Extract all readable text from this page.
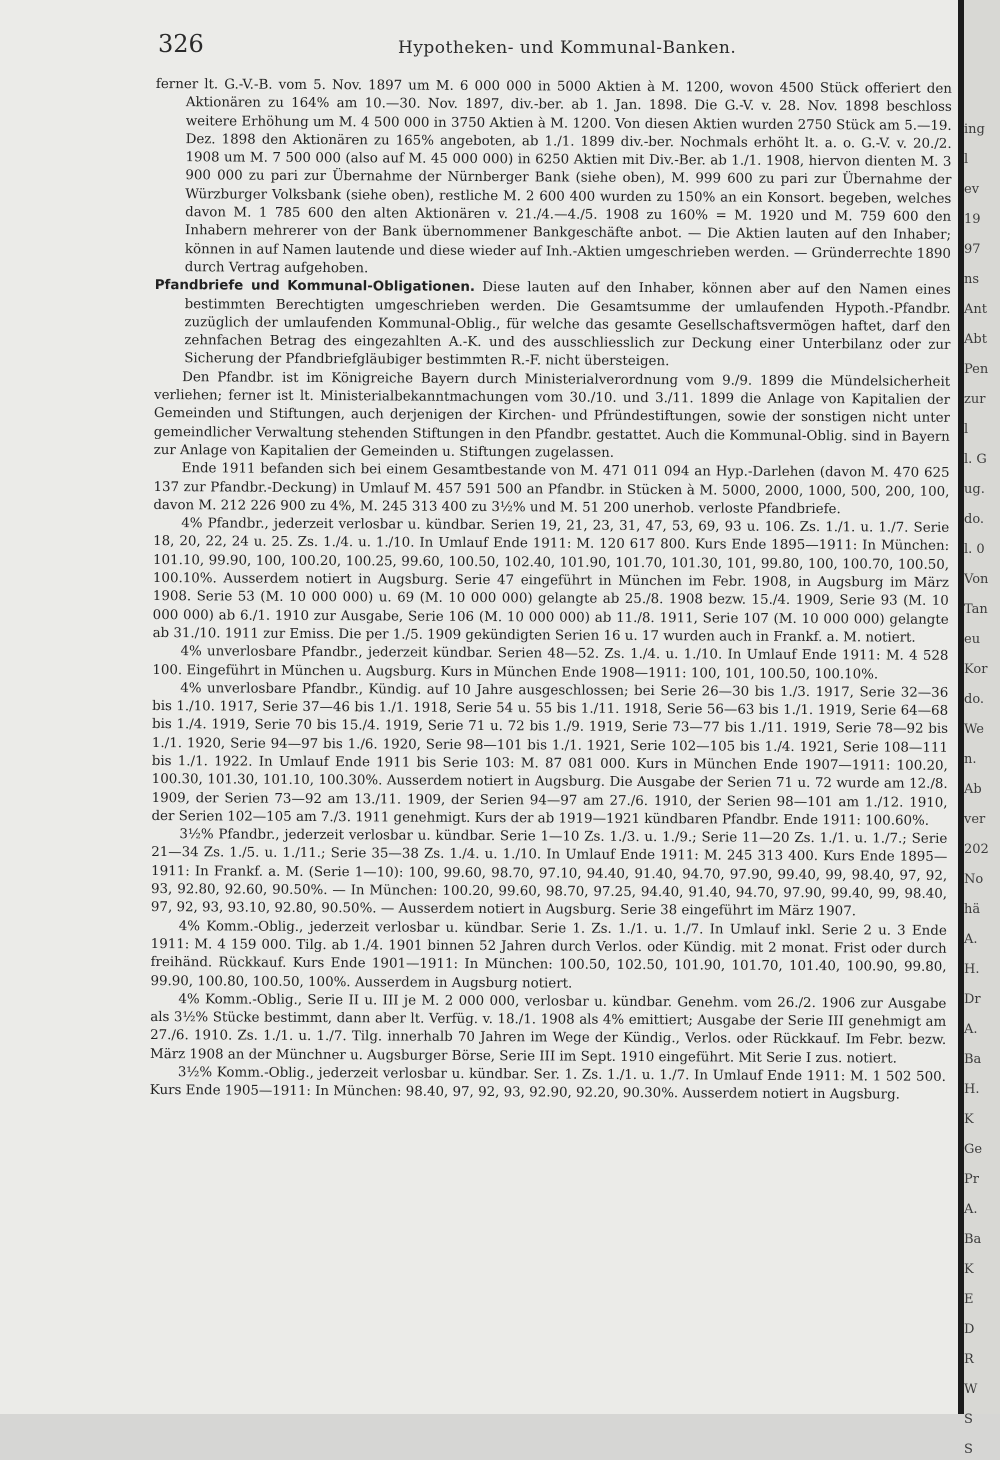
326	Hypotheken- und Kommunal-Banken.

ferner lt. G.-V.-B. vom 5. Nov. 1897 um M. 6 000 000 in 5000 Aktien à M. 1200, wovon 4500 Stück offeriert den Aktionären zu 164% am 10.—30. Nov. 1897, div.-ber. ab 1. Jan. 1898. Die G.-V. v. 28. Nov. 1898 beschloss weitere Erhöhung um M. 4 500 000 in 3750 Aktien à M. 1200. Von diesen Aktien wurden 2750 Stück am 5.—19. Dez. 1898 den Aktionären zu 165% angeboten, ab 1./1. 1899 div.-ber. Nochmals erhöht lt. a. o. G.-V. v. 20./2. 1908 um M. 7 500 000 (also auf M. 45 000 000) in 6250 Aktien mit Div.-Ber. ab 1./1. 1908, hiervon dienten M. 3 900 000 zu pari zur Übernahme der Nürnberger Bank (siehe oben), M. 999 600 zu pari zur Übernahme der Würzburger Volksbank (siehe oben), restliche M. 2 600 400 wurden zu 150% an ein Konsort. begeben, welches davon M. 1 785 600 den alten Aktionären v. 21./4.—4./5. 1908 zu 160% = M. 1920 und M. 759 600 den Inhabern mehrerer von der Bank übernommener Bankgeschäfte anbot. — Die Aktien lauten auf den Inhaber; können in auf Namen lautende und diese wieder auf Inh.-Aktien umgeschrieben werden. — Gründerrechte 1890 durch Vertrag aufgehoben.

Pfandbriefe und Kommunal-Obligationen. Diese lauten auf den Inhaber, können aber auf den Namen eines bestimmten Berechtigten umgeschrieben werden. Die Gesamtsumme der umlaufenden Hypoth.-Pfandbr. zuzüglich der umlaufenden Kommunal-Oblig., für welche das gesamte Gesellschaftsvermögen haftet, darf den zehnfachen Betrag des eingezahlten A.-K. und des ausschliesslich zur Deckung einer Unterbilanz oder zur Sicherung der Pfandbriefgläubiger bestimmten R.-F. nicht übersteigen.

Den Pfandbr. ist im Königreiche Bayern durch Ministerialverordnung vom 9./9. 1899 die Mündelsicherheit verliehen; ferner ist lt. Ministerialbekanntmachungen vom 30./10. und 3./11. 1899 die Anlage von Kapitalien der Gemeinden und Stiftungen, auch derjenigen der Kirchen- und Pfründestiftungen, sowie der sonstigen nicht unter gemeindlicher Verwaltung stehenden Stiftungen in den Pfandbr. gestattet. Auch die Kommunal-Oblig. sind in Bayern zur Anlage von Kapitalien der Gemeinden u. Stiftungen zugelassen.

Ende 1911 befanden sich bei einem Gesamtbestande von M. 471 011 094 an Hyp.-Darlehen (davon M. 470 625 137 zur Pfandbr.-Deckung) in Umlauf M. 457 591 500 an Pfandbr. in Stücken à M. 5000, 2000, 1000, 500, 200, 100, davon M. 212 226 900 zu 4%, M. 245 313 400 zu 3½% und M. 51 200 unerhob. verloste Pfandbriefe.

4% Pfandbr., jederzeit verlosbar u. kündbar. Serien 19, 21, 23, 31, 47, 53, 69, 93 u. 106. Zs. 1./1. u. 1./7. Serie 18, 20, 22, 24 u. 25. Zs. 1./4. u. 1./10. In Umlauf Ende 1911: M. 120 617 800. Kurs Ende 1895—1911: In München: 101.10, 99.90, 100, 100.20, 100.25, 99.60, 100.50, 102.40, 101.90, 101.70, 101.30, 101, 99.80, 100, 100.70, 100.50, 100.10%. Ausserdem notiert in Augsburg. Serie 47 eingeführt in München im Febr. 1908, in Augsburg im März 1908. Serie 53 (M. 10 000 000) u. 69 (M. 10 000 000) gelangte ab 25./8. 1908 bezw. 15./4. 1909, Serie 93 (M. 10 000 000) ab 6./1. 1910 zur Ausgabe, Serie 106 (M. 10 000 000) ab 11./8. 1911, Serie 107 (M. 10 000 000) gelangte ab 31./10. 1911 zur Emiss. Die per 1./5. 1909 gekündigten Serien 16 u. 17 wurden auch in Frankf. a. M. notiert.

4% unverlosbare Pfandbr., jederzeit kündbar. Serien 48—52. Zs. 1./4. u. 1./10. In Umlauf Ende 1911: M. 4 528 100. Eingeführt in München u. Augsburg. Kurs in München Ende 1908—1911: 100, 101, 100.50, 100.10%.

4% unverlosbare Pfandbr., Kündig. auf 10 Jahre ausgeschlossen; bei Serie 26—30 bis 1./3. 1917, Serie 32—36 bis 1./10. 1917, Serie 37—46 bis 1./1. 1918, Serie 54 u. 55 bis 1./11. 1918, Serie 56—63 bis 1./1. 1919, Serie 64—68 bis 1./4. 1919, Serie 70 bis 15./4. 1919, Serie 71 u. 72 bis 1./9. 1919, Serie 73—77 bis 1./11. 1919, Serie 78—92 bis 1./1. 1920, Serie 94—97 bis 1./6. 1920, Serie 98—101 bis 1./1. 1921, Serie 102—105 bis 1./4. 1921, Serie 108—111 bis 1./1. 1922. In Umlauf Ende 1911 bis Serie 103: M. 87 081 000. Kurs in München Ende 1907—1911: 100.20, 100.30, 101.30, 101.10, 100.30%. Ausserdem notiert in Augsburg. Die Ausgabe der Serien 71 u. 72 wurde am 12./8. 1909, der Serien 73—92 am 13./11. 1909, der Serien 94—97 am 27./6. 1910, der Serien 98—101 am 1./12. 1910, der Serien 102—105 am 7./3. 1911 genehmigt. Kurs der ab 1919—1921 kündbaren Pfandbr. Ende 1911: 100.60%.

3½% Pfandbr., jederzeit verlosbar u. kündbar. Serie 1—10 Zs. 1./3. u. 1./9.; Serie 11—20 Zs. 1./1. u. 1./7.; Serie 21—34 Zs. 1./5. u. 1./11.; Serie 35—38 Zs. 1./4. u. 1./10. In Umlauf Ende 1911: M. 245 313 400. Kurs Ende 1895—1911: In Frankf. a. M. (Serie 1—10): 100, 99.60, 98.70, 97.10, 94.40, 91.40, 94.70, 97.90, 99.40, 99, 98.40, 97, 92, 93, 92.80, 92.60, 90.50%. — In München: 100.20, 99.60, 98.70, 97.25, 94.40, 91.40, 94.70, 97.90, 99.40, 99, 98.40, 97, 92, 93, 93.10, 92.80, 90.50%. — Ausserdem notiert in Augsburg. Serie 38 eingeführt im März 1907.

4% Komm.-Oblig., jederzeit verlosbar u. kündbar. Serie 1. Zs. 1./1. u. 1./7. In Umlauf inkl. Serie 2 u. 3 Ende 1911: M. 4 159 000. Tilg. ab 1./4. 1901 binnen 52 Jahren durch Verlos. oder Kündig. mit 2 monat. Frist oder durch freihänd. Rückkauf. Kurs Ende 1901—1911: In München: 100.50, 102.50, 101.90, 101.70, 101.40, 100.90, 99.80, 99.90, 100.80, 100.50, 100%. Ausserdem in Augsburg notiert.

4% Komm.-Oblig., Serie II u. III je M. 2 000 000, verlosbar u. kündbar. Genehm. vom 26./2. 1906 zur Ausgabe als 3½% Stücke bestimmt, dann aber lt. Verfüg. v. 18./1. 1908 als 4% emittiert; Ausgabe der Serie III genehmigt am 27./6. 1910. Zs. 1./1. u. 1./7. Tilg. innerhalb 70 Jahren im Wege der Kündig., Verlos. oder Rückkauf. Im Febr. bezw. März 1908 an der Münchner u. Augsburger Börse, Serie III im Sept. 1910 eingeführt. Mit Serie I zus. notiert.

3½% Komm.-Oblig., jederzeit verlosbar u. kündbar. Ser. 1. Zs. 1./1. u. 1./7. In Umlauf Ende 1911: M. 1 502 500. Kurs Ende 1905—1911: In München: 98.40, 97, 92, 93, 92.90, 92.20, 90.30%. Ausserdem notiert in Augsburg.

ing
l
ev
19
97
ns
Ant
Abt
Pen
zur
l
l. G
ug.
do.
l. 0
Von
Tan
eu
Kor
do.
We
n.
Ab
ver
202
No
hä
A.
H.
Dr
A.
Ba
H.
K
Ge
Pr
A.
Ba
K
E
D
R
W
S
S
